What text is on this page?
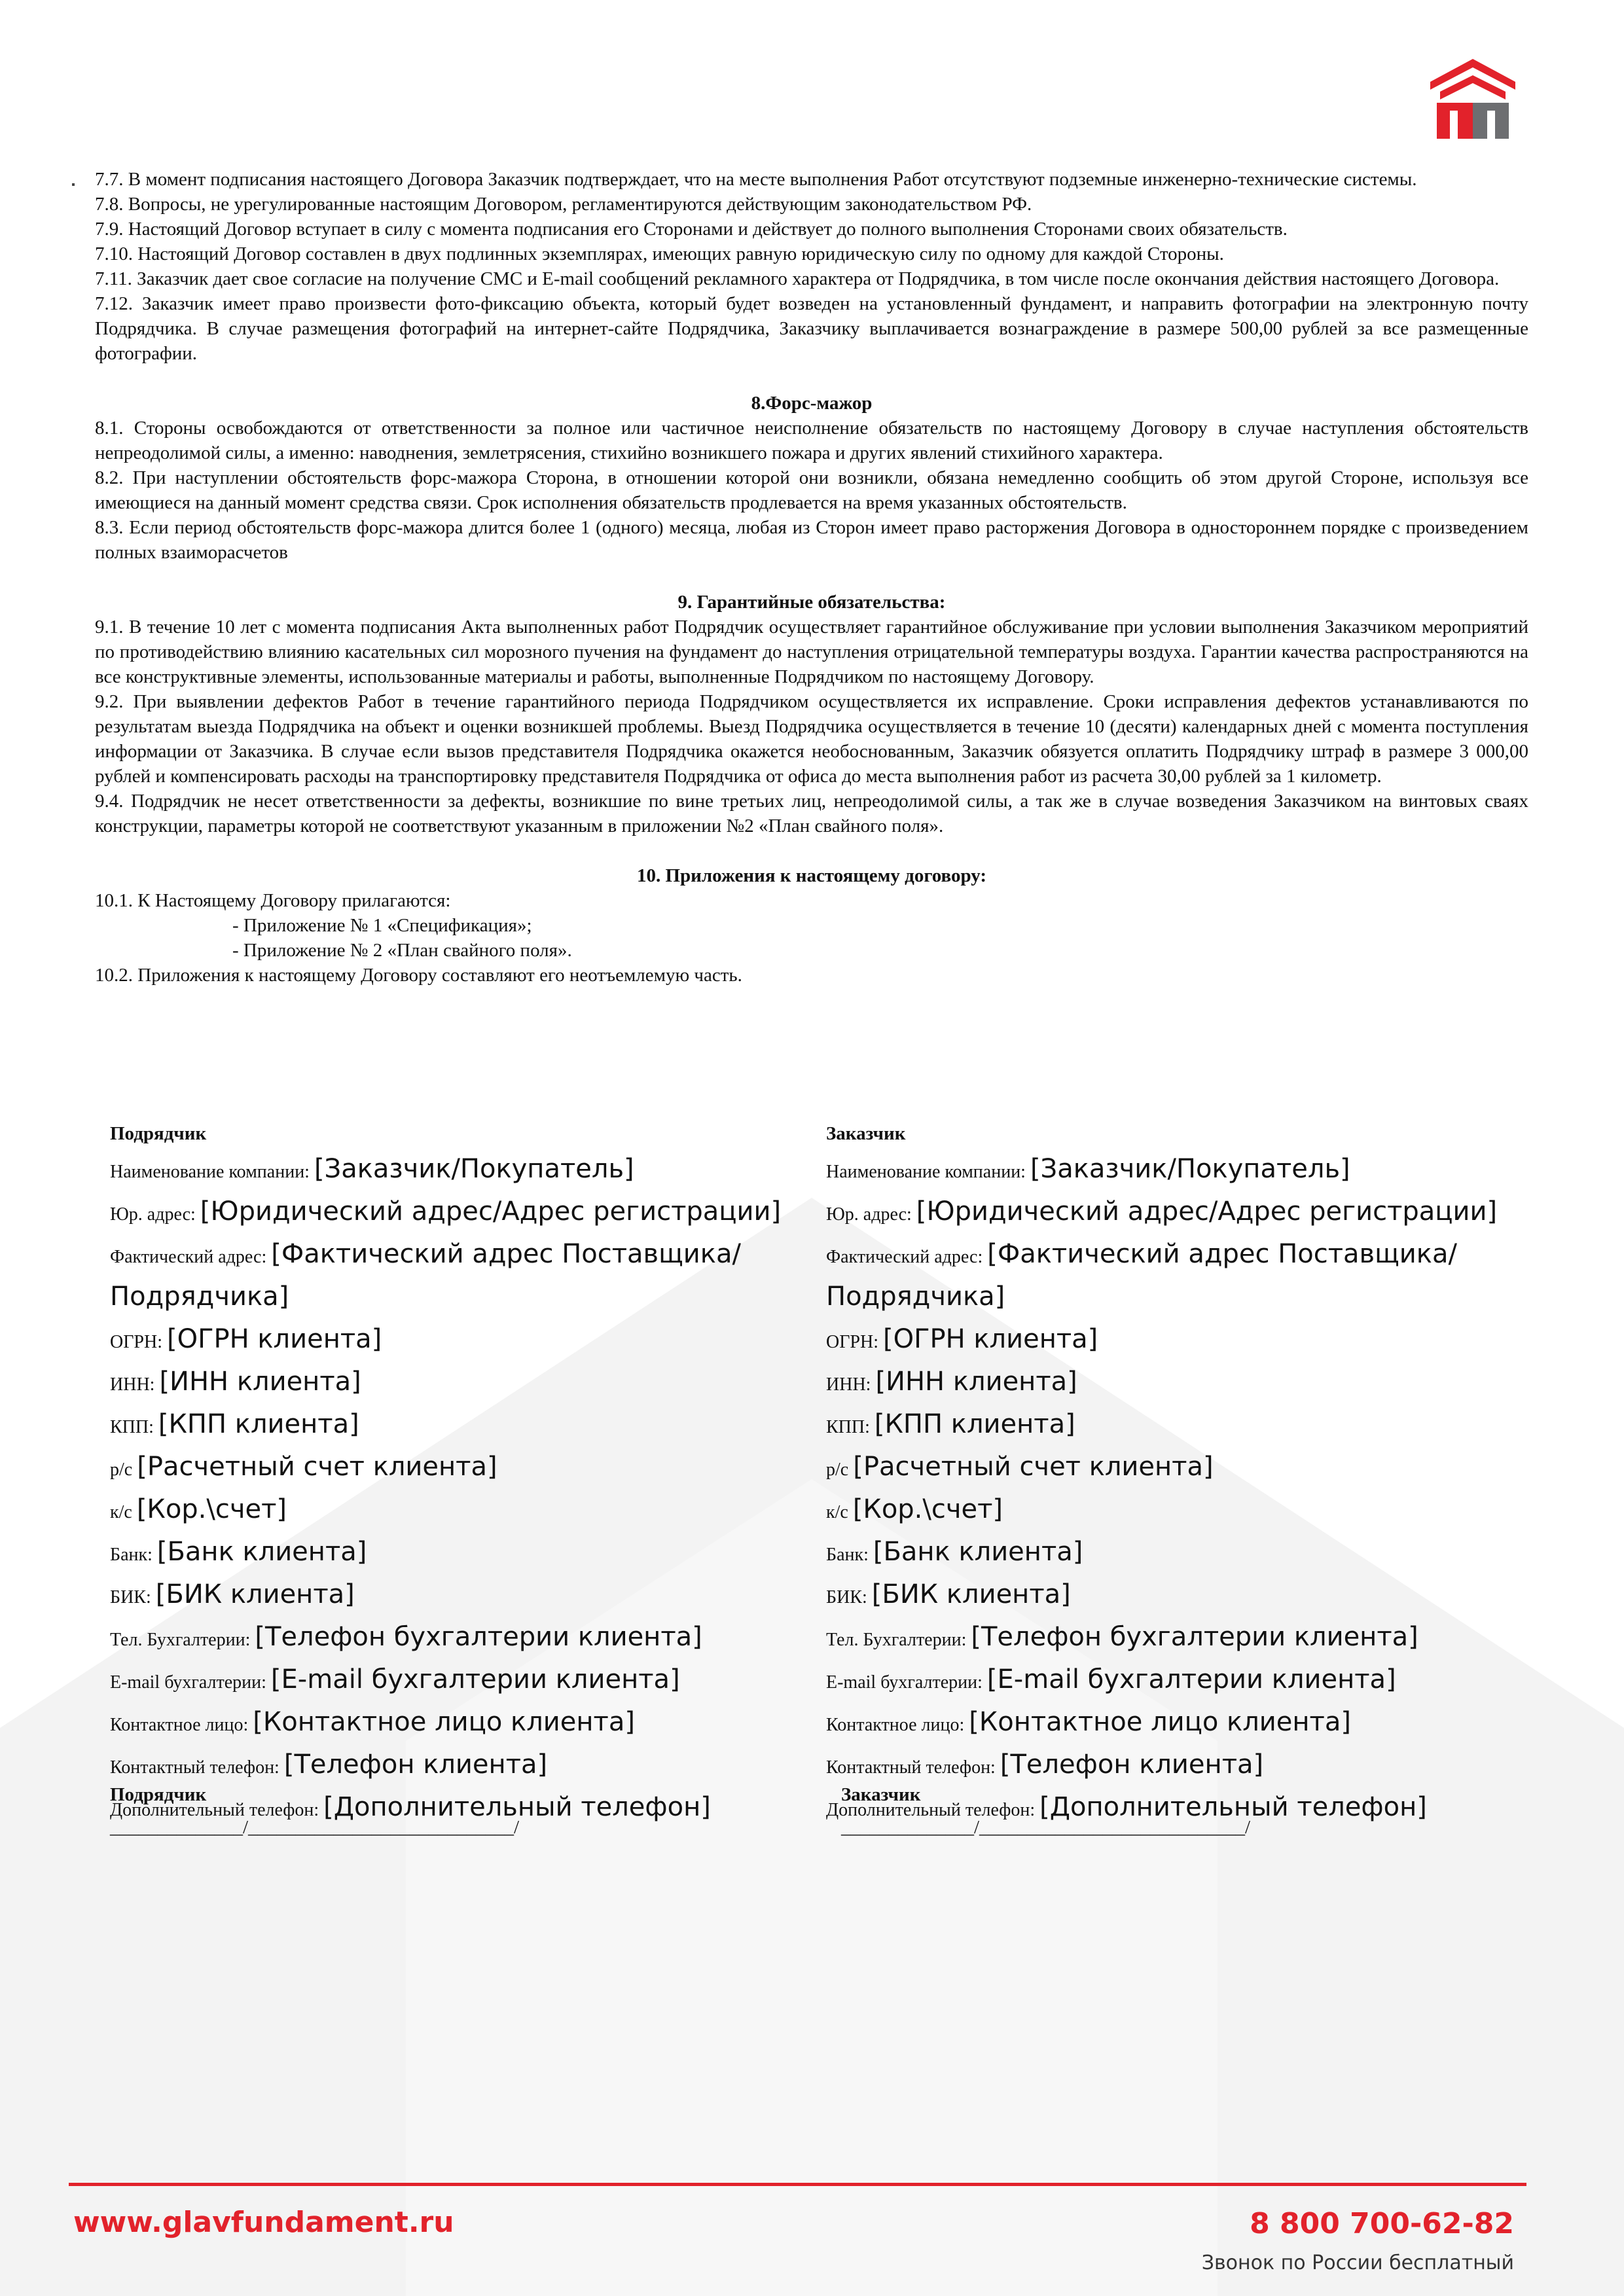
7.7. В момент подписания настоящего Договора Заказчик подтверждает, что на месте выполнения Работ отсутствуют подземные инженерно-технические системы.

7.8. Вопросы, не урегулированные настоящим Договором, регламентируются действующим законодательством РФ.

7.9. Настоящий Договор вступает в силу с момента подписания его Сторонами и действует до полного выполнения Сторонами своих обязательств.

7.10. Настоящий Договор составлен в двух подлинных экземплярах, имеющих равную юридическую силу по одному для каждой Стороны.

7.11. Заказчик дает свое согласие на получение СМС и E-mail сообщений рекламного характера от Подрядчика, в том числе после окончания действия настоящего Договора.

7.12. Заказчик имеет право произвести фото-фиксацию объекта, который будет возведен на установленный фундамент, и направить фотографии на электронную почту Подрядчика. В случае размещения фотографий на интернет-сайте Подрядчика, Заказчику выплачивается вознаграждение в размере 500,00 рублей за все размещенные фотографии.

8.Форс-мажор

8.1. Стороны освобождаются от ответственности за полное или частичное неисполнение обязательств по настоящему Договору в случае наступления обстоятельств непреодолимой силы, а именно: наводнения, землетрясения, стихийно возникшего пожара и других явлений стихийного характера.

8.2. При наступлении обстоятельств форс-мажора Сторона, в отношении которой они возникли, обязана немедленно сообщить об этом другой Стороне, используя все имеющиеся на данный момент средства связи. Срок исполнения обязательств продлевается на время указанных обстоятельств.

8.3. Если период обстоятельств форс-мажора длится более 1 (одного) месяца, любая из Сторон имеет право расторжения Договора в одностороннем порядке с произведением полных взаиморасчетов

9. Гарантийные обязательства:

9.1. В течение 10 лет с момента подписания Акта выполненных работ Подрядчик осуществляет гарантийное обслуживание при условии выполнения Заказчиком мероприятий по противодействию влиянию касательных сил морозного пучения на фундамент до наступления отрицательной температуры воздуха. Гарантии качества распространяются на все конструктивные элементы, использованные материалы и работы, выполненные Подрядчиком по настоящему Договору.

9.2. При выявлении дефектов Работ в течение гарантийного периода Подрядчиком осуществляется их исправление. Сроки исправления дефектов устанавливаются по результатам выезда Подрядчика на объект и оценки возникшей проблемы. Выезд Подрядчика осуществляется в течение 10 (десяти) календарных дней с момента поступления информации от Заказчика. В случае если вызов представителя Подрядчика окажется необоснованным, Заказчик обязуется оплатить Подрядчику штраф в размере 3 000,00 рублей и компенсировать расходы на транспортировку представителя Подрядчика от офиса до места выполнения работ из расчета 30,00 рублей за 1 километр.

9.4. Подрядчик не несет ответственности за дефекты, возникшие по вине третьих лиц, непреодолимой силы, а так же в случае возведения Заказчиком на винтовых сваях конструкции, параметры которой не соответствуют указанным в приложении №2 «План свайного поля».

10. Приложения к настоящему договору:

10.1. К Настоящему Договору прилагаются:

- Приложение № 1 «Спецификация»;

- Приложение № 2 «План свайного поля».

10.2. Приложения к настоящему Договору составляют его неотъемлемую часть.

Подрядчик
Наименование компании: [Заказчик/Покупатель]
Юр. адрес: [Юридический адрес/Адрес регистрации]
Фактический адрес: [Фактический адрес Поставщика/Подрядчика]
ОГРН: [ОГРН клиента]
ИНН: [ИНН клиента]
КПП: [КПП клиента]
р/с [Расчетный счет клиента]
к/с [Кор.\счет]
Банк: [Банк клиента]
БИК: [БИК клиента]
Тел. Бухгалтерии: [Телефон бухгалтерии клиента]
E-mail бухгалтерии: [E-mail бухгалтерии клиента]
Контактное лицо: [Контактное лицо клиента]
Контактный телефон: [Телефон клиента]
Дополнительный телефон: [Дополнительный телефон]
Заказчик
Наименование компании: [Заказчик/Покупатель]
Юр. адрес: [Юридический адрес/Адрес регистрации]
Фактический адрес: [Фактический адрес Поставщика/Подрядчика]
ОГРН: [ОГРН клиента]
ИНН: [ИНН клиента]
КПП: [КПП клиента]
р/с [Расчетный счет клиента]
к/с [Кор.\счет]
Банк: [Банк клиента]
БИК: [БИК клиента]
Тел. Бухгалтерии: [Телефон бухгалтерии клиента]
E-mail бухгалтерии: [E-mail бухгалтерии клиента]
Контактное лицо: [Контактное лицо клиента]
Контактный телефон: [Телефон клиента]
Дополнительный телефон: [Дополнительный телефон]
Подрядчик
______________/____________________________/
Заказчик
______________/____________________________/
www.glavfundament.ru	8 800 700-62-82
Звонок по России бесплатный
